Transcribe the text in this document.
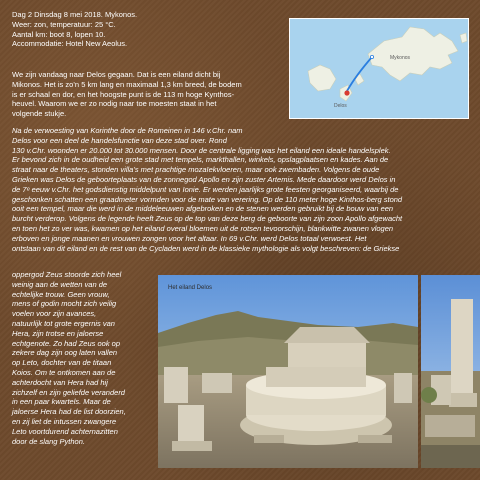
Dag 2 Dinsdag 8 mei 2018. Mykonos.
Weer: zon, temperatuur: 25 °C.
Aantal km: boot 8, lopen 10.
Accommodatie: Hotel New Aeolus.
We zijn vandaag naar Delos gegaan. Dat is een eiland dicht bij
Mikonos. Het is zo’n 5 km lang en maximaal 1,3 km breed, de bodem
is er schaal en dor, en het hoogste punt is de 113 m hoge Kynthos-
heuvel. Waarom we er zo nodig naar toe moesten staat in het
volgende stukje.
Mykonos
Delos
Na de verwoesting van Korinthe door de Romeinen in 146 v.Chr. nam
Delos voor een deel de handelsfunctie van deze stad over. Rond
130 v.Chr. woonden er 20.000 tot 30.000 mensen. Door de centrale ligging was het eiland een ideale handelsplek.
Er bevond zich in de oudheid een grote stad met tempels, markthallen, winkels, opslagplaatsen en kades. Aan de
straat naar de theaters, stonden villa’s met prachtige mozaïekvloeren, maar ook zwembaden. Volgens de oude
Grieken was Delos de geboorteplaats van de zonnegod Apollo en zijn zuster Artemis. Mede daardoor werd Delos in
de 7ᵉ eeuw v.Chr. het godsdienstig middelpunt van Ionie. Er werden jaarlijks grote feesten georganiseerd, waarbij de
geschonken schatten een graadmeter vormden voor de mate van verering. Op de 110 meter hoge Kinthos-berg stond
ooit een tempel, maar die werd in de middeleeuwen afgebroken en de stenen werden gebruikt bij de bouw van een
burcht verderop. Volgens de legende heeft Zeus op de top van deze berg de geboorte van zijn zoon Apollo afgewacht
en toen het zo ver was, kwamen op het eiland overal bloemen uit de rotsen tevoorschijn, blankwitte zwanen vlogen
erboven en jonge maanen en vrouwen zongen voor het altaar. In 69 v.Chr. werd Delos totaal verwoest. Het
ontstaan van dit eiland en de rest van de Cycladen werd in de klassieke mythologie als volgt beschreven: de Griekse
oppergod Zeus stoorde zich heel
weinig aan de wetten van de
echtelijke trouw. Geen vrouw,
mens of godin mocht zich veilig
voelen voor zijn avances,
natuurlijk tot grote ergernis van
Hera, zijn trotse en jaloerse
echtgenote. Zo had Zeus ook op
zekere dag zijn oog laten vallen
op Leto, dochter van de titaan
Koios. Om te ontkomen aan de
achterdocht van Hera had hij
zichzelf en zijn geliefde veranderd
in een paar kwartels. Maar de
jaloerse Hera had de list doorzien,
en zij liet de intussen zwangere
Leto voortdurend achternazitten
door de slang Python.
Het eiland Delos
